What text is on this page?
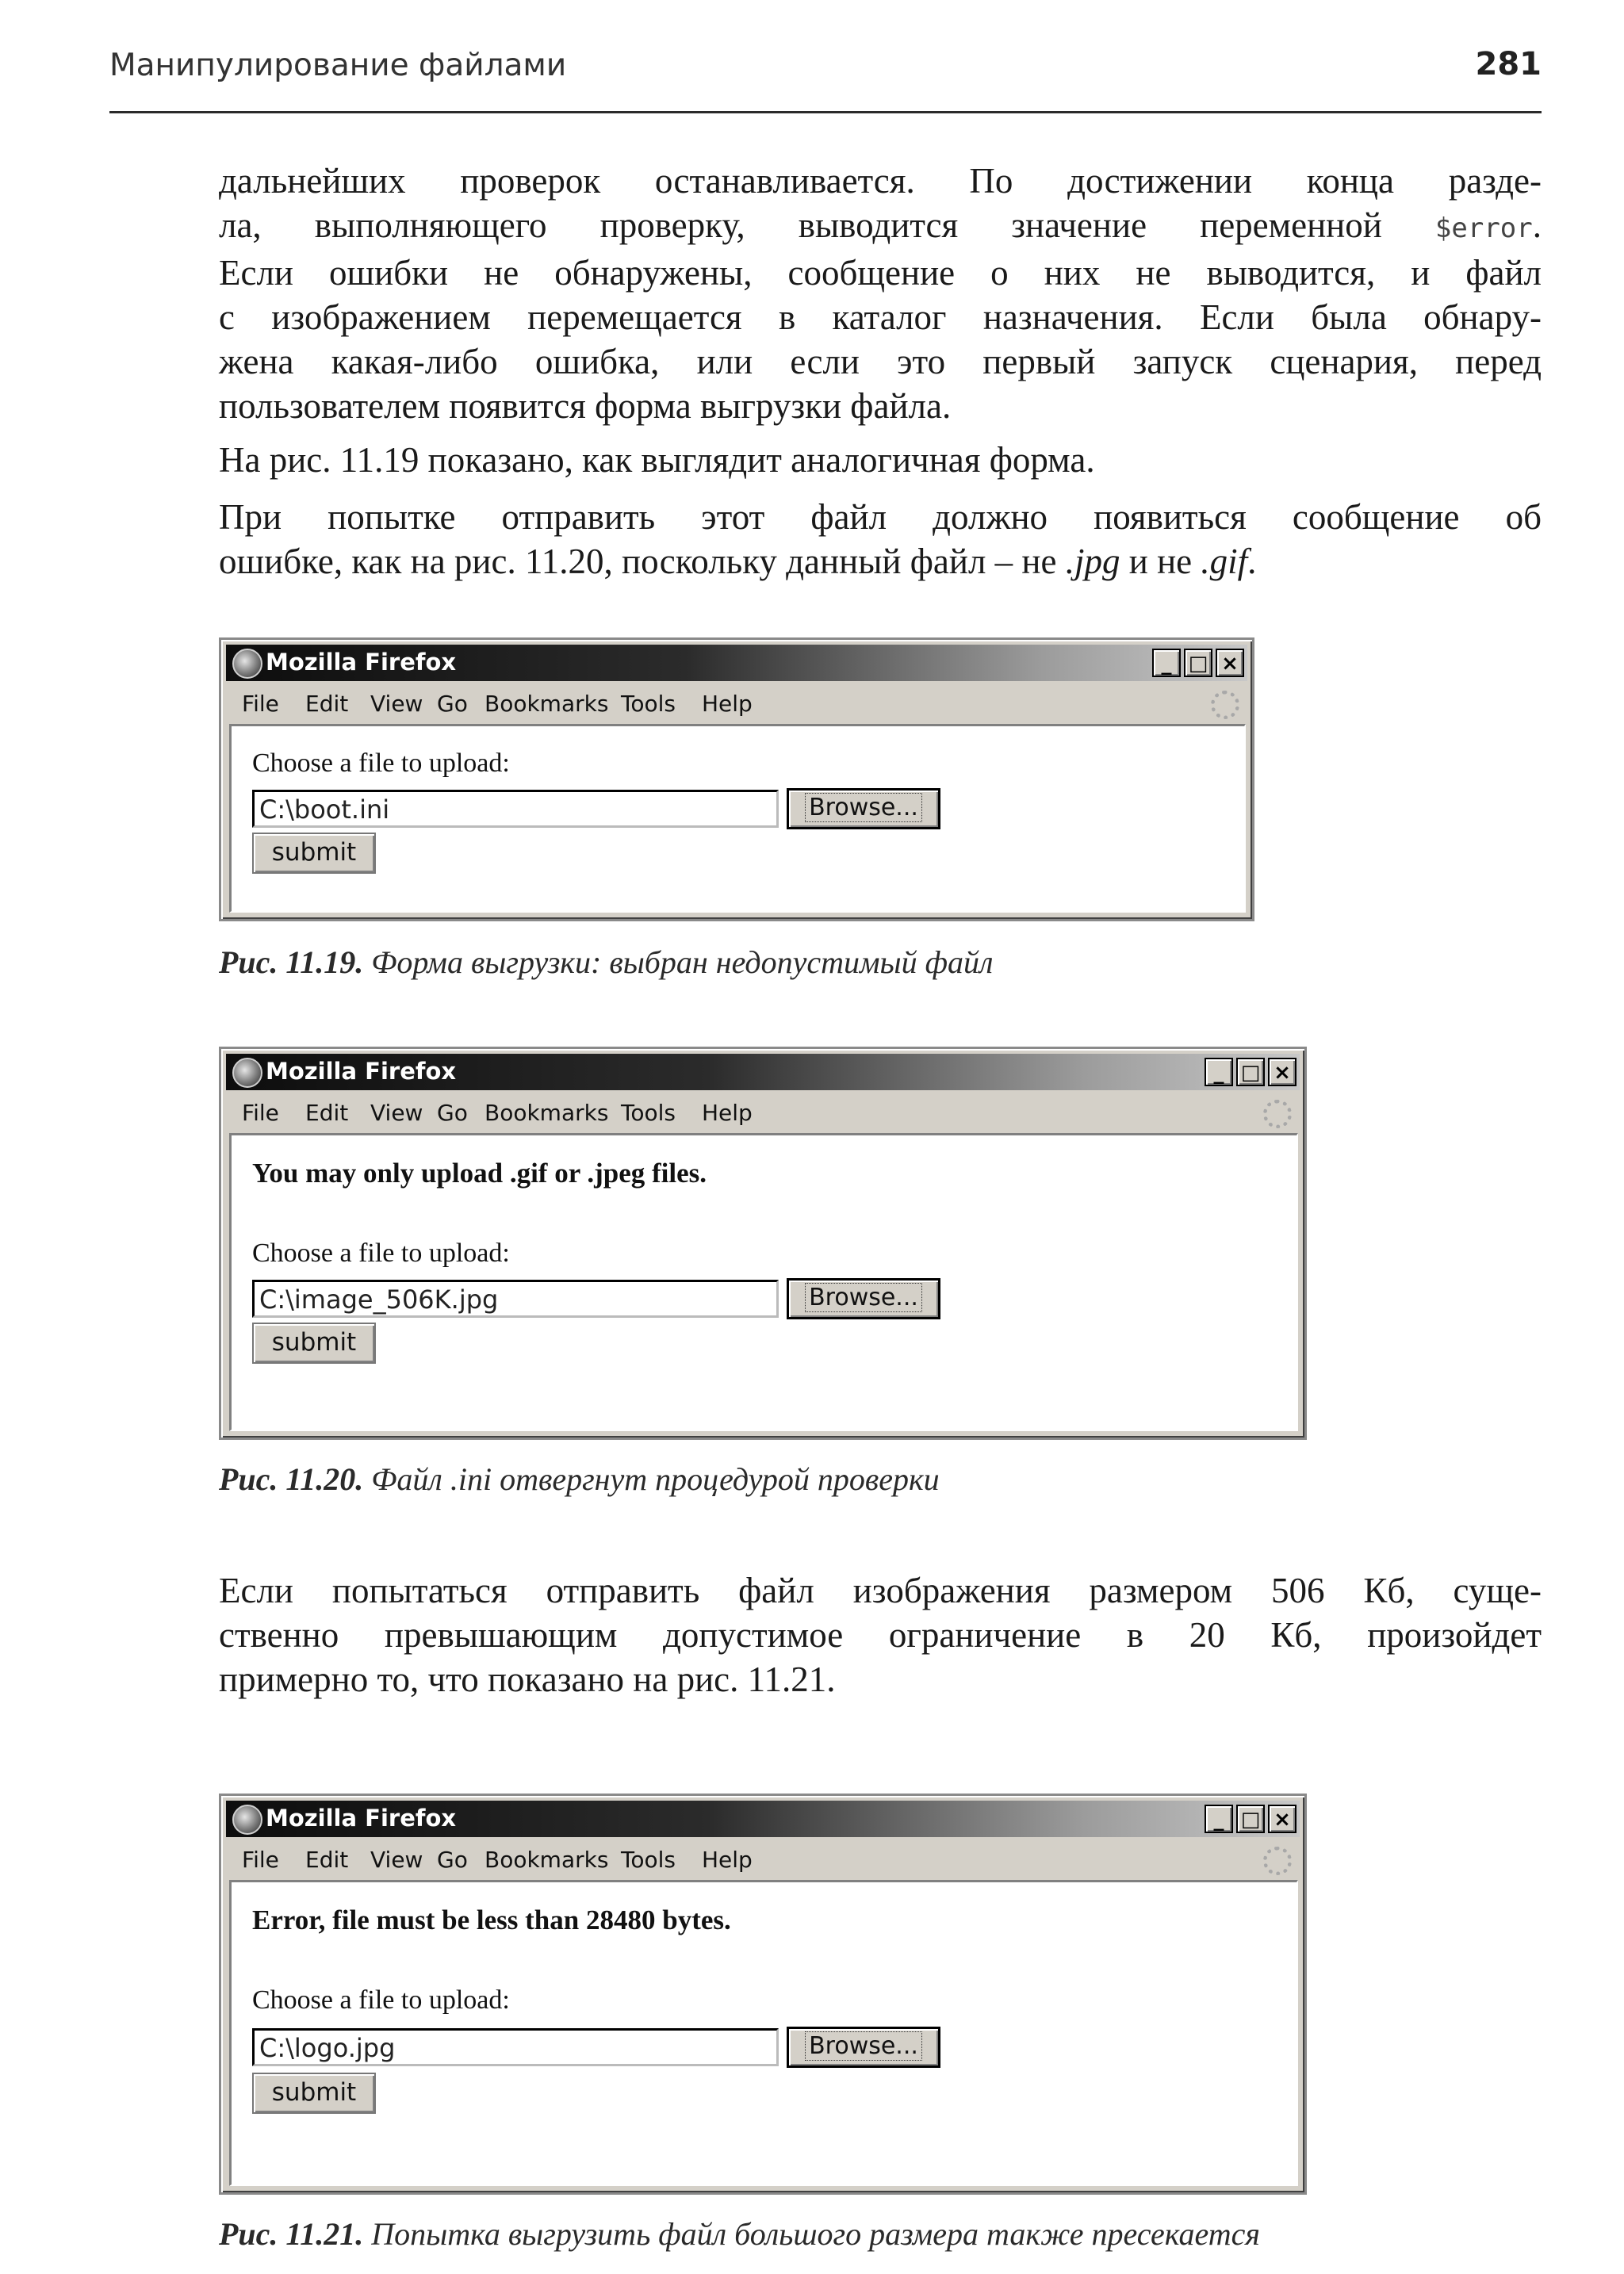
Манипулирование файлами	281
дальнейших проверок останавливается. По достижении конца разде-
ла, выполняющего проверку, выводится значение переменной $error.
Если ошибки не обнаружены, сообщение о них не выводится, и файл
с изображением перемещается в каталог назначения. Если была обнару-
жена какая-либо ошибка, или если это первый запуск сценария, перед
пользователем появится форма выгрузки файла.
На рис. 11.19 показано, как выглядит аналогичная форма.
При попытке отправить этот файл должно появиться сообщение об
ошибке, как на рис. 11.20, поскольку данный файл – не .jpg и не .gif.
Mozilla Firefox	_ □ ×
File Edit View Go Bookmarks Tools Help
Choose a file to upload:
C:\boot.ini	Browse...
submit
Рис. 11.19. Форма выгрузки: выбран недопустимый файл
Mozilla Firefox	_ □ ×
File Edit View Go Bookmarks Tools Help
You may only upload .gif or .jpeg files.
Choose a file to upload:
C:\image_506K.jpg	Browse...
submit
Рис. 11.20. Файл .ini отвергнут процедурой проверки
Если попытаться отправить файл изображения размером 506 Кб, суще-
ственно превышающим допустимое ограничение в 20 Кб, произойдет
примерно то, что показано на рис. 11.21.
Mozilla Firefox	_ □ ×
File Edit View Go Bookmarks Tools Help
Error, file must be less than 28480 bytes.
Choose a file to upload:
C:\logo.jpg	Browse...
submit
Рис. 11.21. Попытка выгрузить файл большого размера также пресекается
